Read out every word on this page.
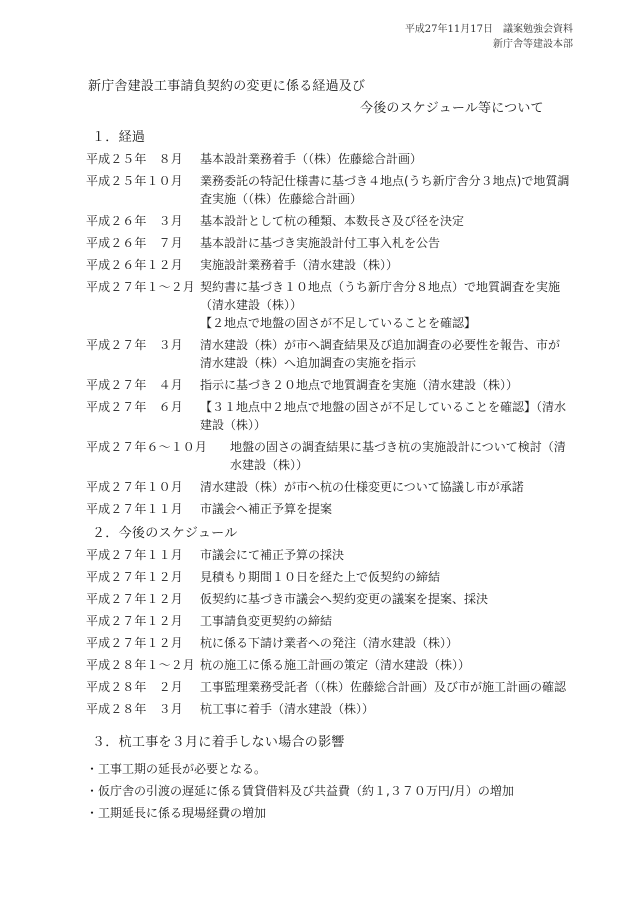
平成27年11月17日　議案勉強会資料
新庁舎等建設本部
新庁舎建設工事請負契約の変更に係る経過及び
今後のスケジュール等について
１．経過
平成２５年　８月	基本設計業務着手（（株）佐藤総合計画）
平成２５年１０月	業務委託の特記仕様書に基づき４地点(うち新庁舎分３地点)で地質調査実施（（株）佐藤総合計画）
平成２６年　３月	基本設計として杭の種類、本数長さ及び径を決定
平成２６年　７月	基本設計に基づき実施設計付工事入札を公告
平成２６年１２月	実施設計業務着手（清水建設（株））
平成２７年１～２月 契約書に基づき１０地点（うち新庁舎分８地点）で地質調査を実施（清水建設（株））
【２地点で地盤の固さが不足していることを確認】
平成２７年　３月	清水建設（株）が市へ調査結果及び追加調査の必要性を報告、市が清水建設（株）へ追加調査の実施を指示
平成２７年　４月	指示に基づき２０地点で地質調査を実施（清水建設（株））
平成２７年　６月	【３１地点中２地点で地盤の固さが不足していることを確認】（清水建設（株））
平成２７年６～１０月	地盤の固さの調査結果に基づき杭の実施設計について検討（清水建設（株））
平成２７年１０月	清水建設（株）が市へ杭の仕様変更について協議し市が承諾
平成２７年１１月	市議会へ補正予算を提案
２．今後のスケジュール
平成２７年１１月	市議会にて補正予算の採決
平成２７年１２月	見積もり期間１０日を経た上で仮契約の締結
平成２７年１２月	仮契約に基づき市議会へ契約変更の議案を提案、採決
平成２７年１２月	工事請負変更契約の締結
平成２７年１２月	杭に係る下請け業者への発注（清水建設（株））
平成２８年１～２月 杭の施工に係る施工計画の策定（清水建設（株））
平成２８年　２月	工事監理業務受託者（（株）佐藤総合計画）及び市が施工計画の確認
平成２８年　３月	杭工事に着手（清水建設（株））
３．杭工事を３月に着手しない場合の影響
・工事工期の延長が必要となる。
・仮庁舎の引渡の遅延に係る賃貸借料及び共益費（約１,３７０万円/月）の増加
・工期延長に係る現場経費の増加
